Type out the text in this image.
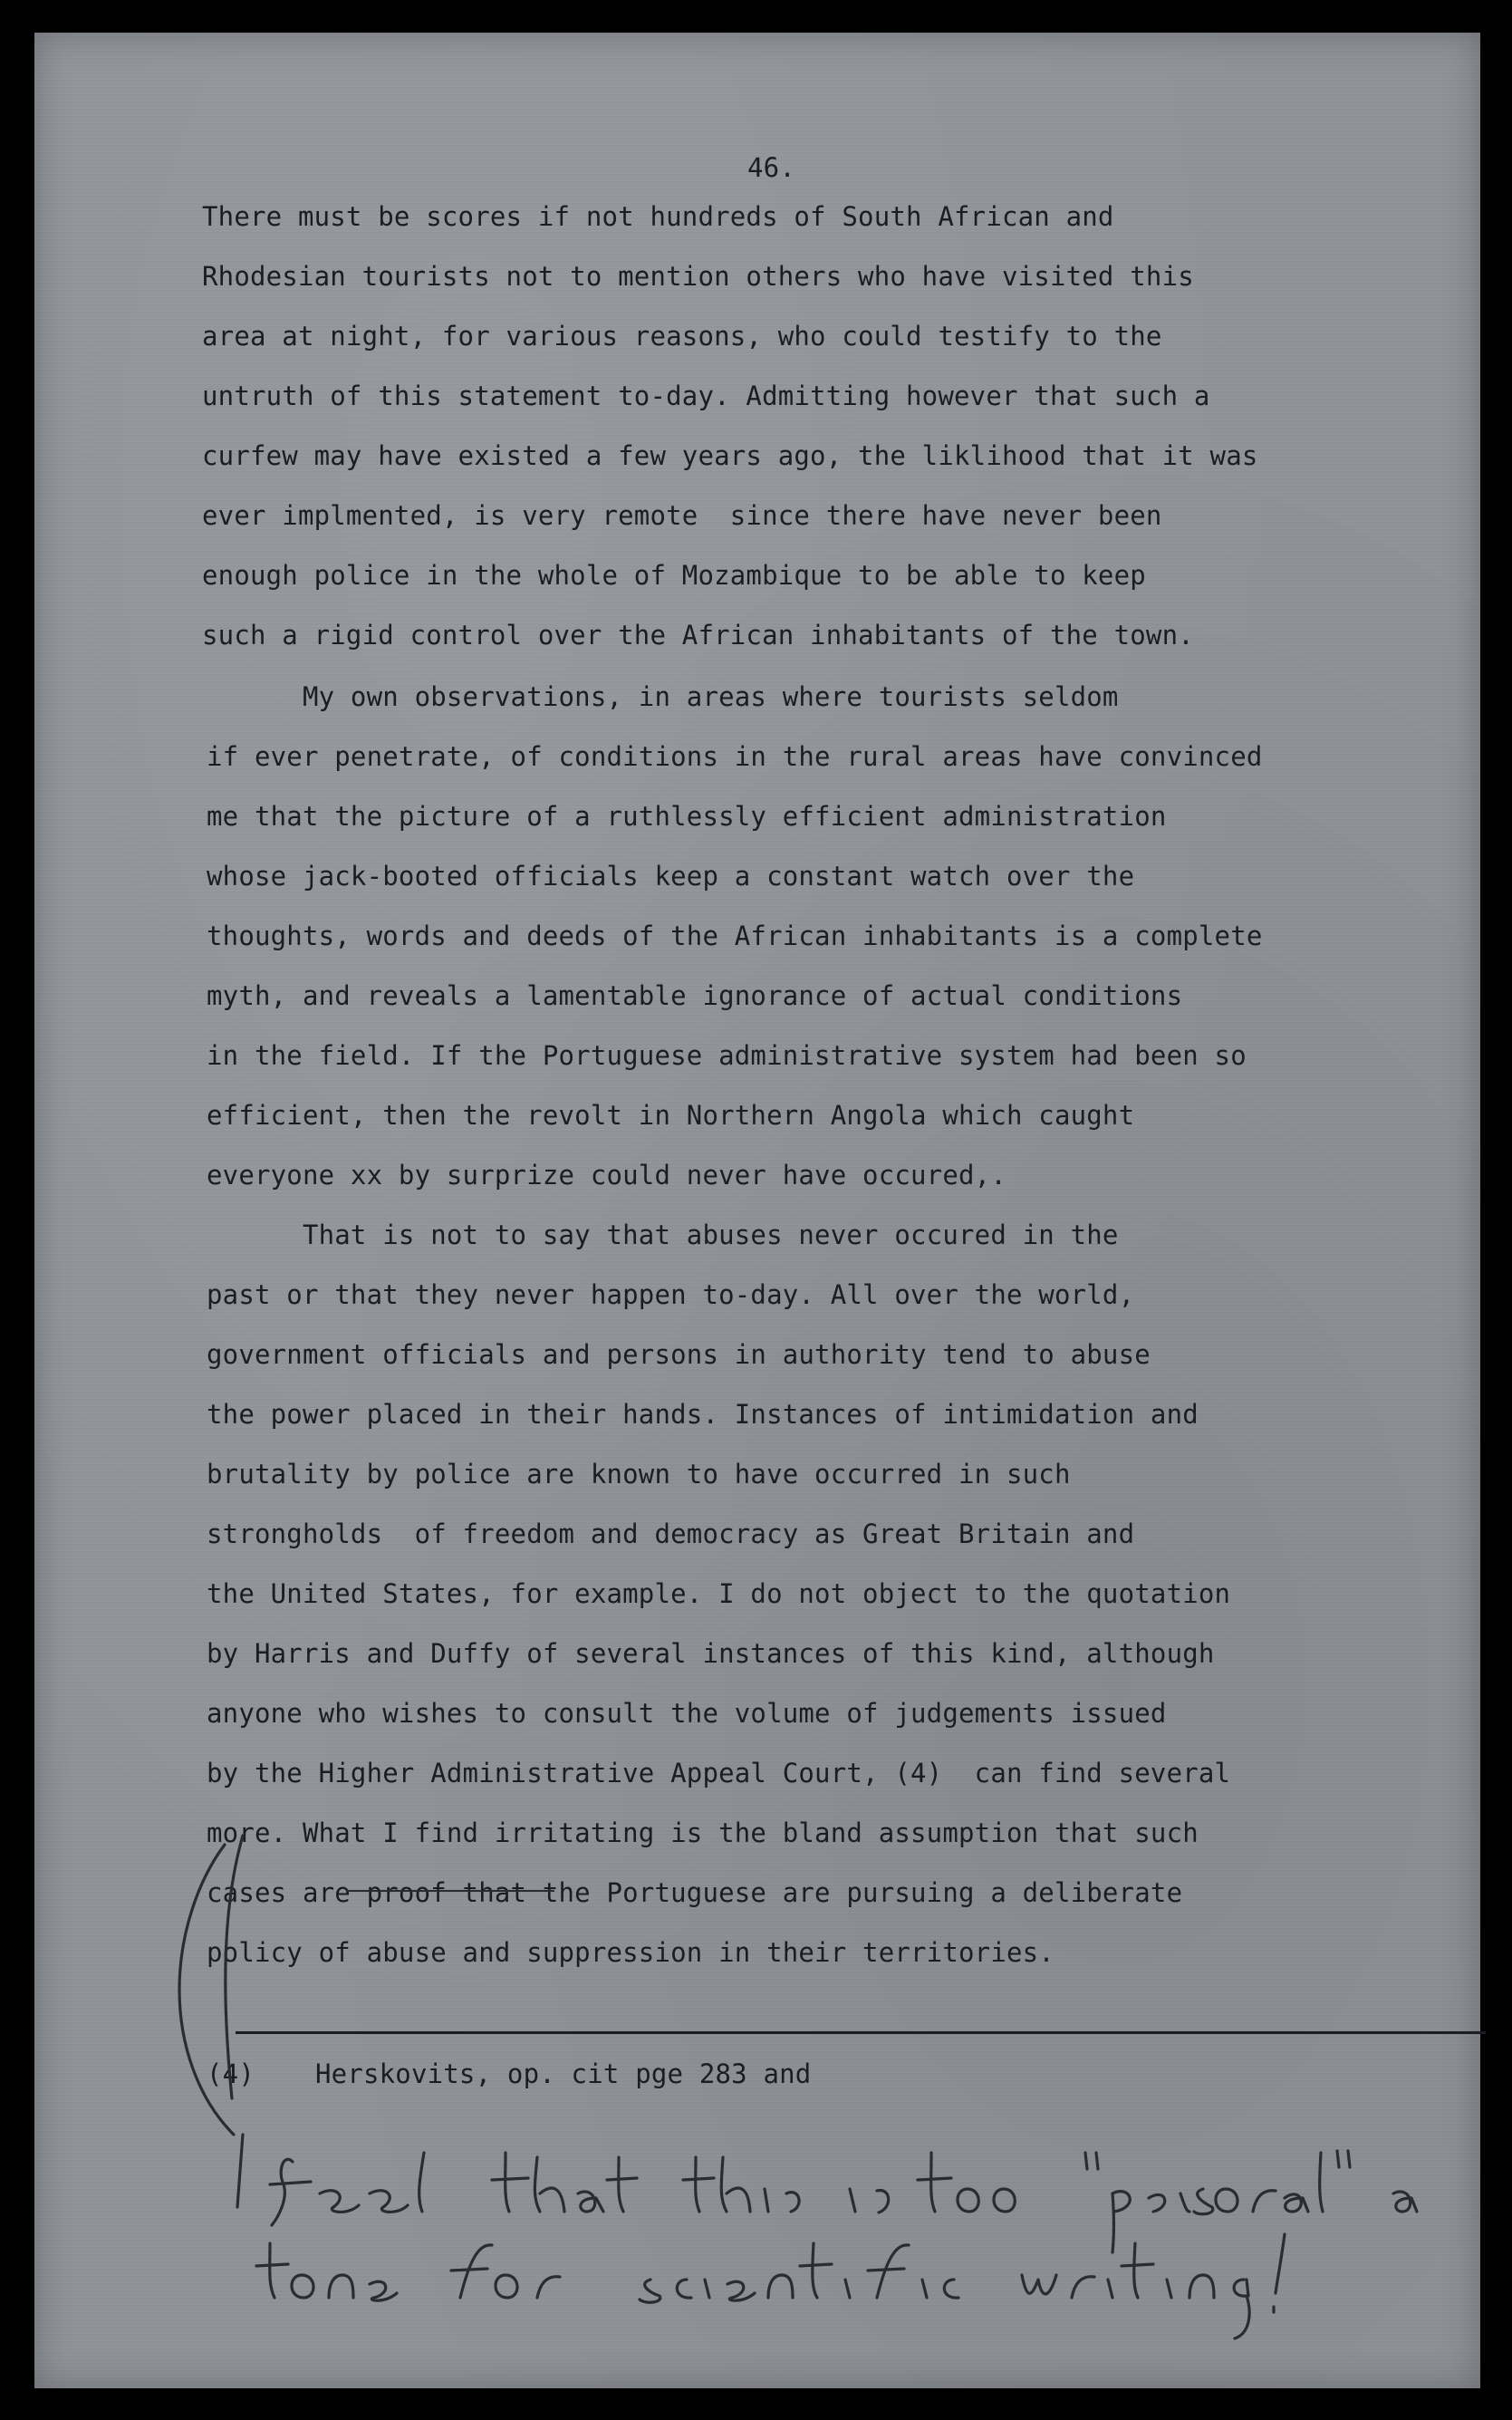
46.
There must be scores if not hundreds of South African and
Rhodesian tourists not to mention others who have visited this
area at night, for various reasons, who could testify to the
untruth of this statement to-day. Admitting however that such a
curfew may have existed a few years ago, the liklihood that it was
ever implmented, is very remote  since there have never been
enough police in the whole of Mozambique to be able to keep
such a rigid control over the African inhabitants of the town.
My own observations, in areas where tourists seldom
if ever penetrate, of conditions in the rural areas have convinced
me that the picture of a ruthlessly efficient administration
whose jack-booted officials keep a constant watch over the
thoughts, words and deeds of the African inhabitants is a complete
myth, and reveals a lamentable ignorance of actual conditions
in the field. If the Portuguese administrative system had been so
efficient, then the revolt in Northern Angola which caught
everyone xx by surprize could never have occured,.
That is not to say that abuses never occured in the
past or that they never happen to-day. All over the world,
government officials and persons in authority tend to abuse
the power placed in their hands. Instances of intimidation and
brutality by police are known to have occurred in such
strongholds  of freedom and democracy as Great Britain and
the United States, for example. I do not object to the quotation
by Harris and Duffy of several instances of this kind, although
anyone who wishes to consult the volume of judgements issued
by the Higher Administrative Appeal Court, (4)  can find several
more. What I find irritating is the bland assumption that such
cases are proof that the Portuguese are pursuing a deliberate
policy of abuse and suppression in their territories.
(4) Herskovits, op. cit pge 283 and
